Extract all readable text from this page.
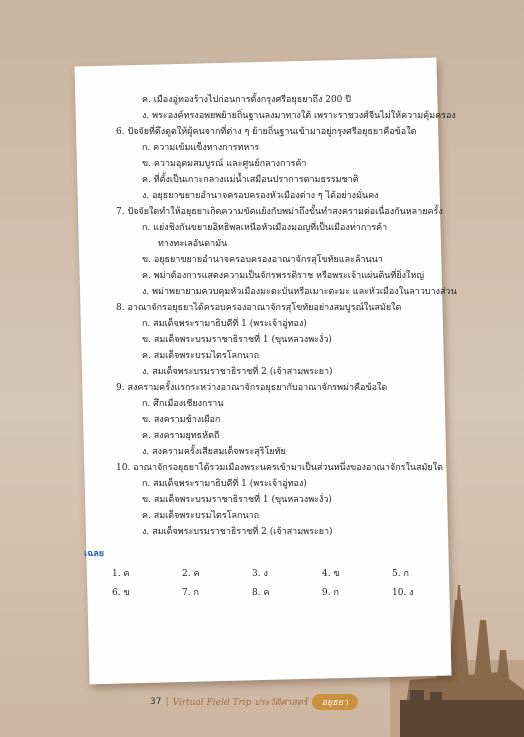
ค. เมืองอู่ทองร้างไปก่อนการตั้งกรุงศรีอยุธยาถึง 200 ปี
ง. พระองค์ทรงอพยพย้ายถิ่นฐานลงมาทางใต้ เพราะราชวงศ์จีนไม่ให้ความคุ้มครอง
6. ปัจจัยที่ดึงดูดให้ผู้คนจากที่ต่าง ๆ ย้ายถิ่นฐานเข้ามาอยู่กรุงศรีอยุธยาคือข้อใด
ก. ความเข้มแข็งทางการทหาร
ข. ความอุดมสมบูรณ์ และศูนย์กลางการค้า
ค. ที่ตั้งเป็นเกาะกลางแม่น้ำเสมือนปราการตามธรรมชาติ
ง. อยุธยาขยายอำนาจครอบครองหัวเมืองต่าง ๆ ได้อย่างมั่นคง
7. ปัจจัยใดทำให้อยุธยาเกิดความขัดแย้งกับพม่าถึงขั้นทำสงครามต่อเนื่องกันหลายครั้ง
ก. แย่งชิงกันขยายอิทธิพลเหนือหัวเมืองมอญที่เป็นเมืองท่าการค้า
ทางทะเลอันดามัน
ข. อยุธยาขยายอำนาจครอบครองอาณาจักรสุโขทัยและล้านนา
ค. พม่าต้องการแสดงความเป็นจักรพรรดิราช หรือพระเจ้าแผ่นดินที่ยิ่งใหญ่
ง. พม่าพยายามควบคุมหัวเมืองมะตะบันหรือเมาะตะมะ และหัวเมืองในลาวบางส่วน
8. อาณาจักรอยุธยาได้ครอบครองอาณาจักรสุโขทัยอย่างสมบูรณ์ในสมัยใด
ก. สมเด็จพระรามาธิบดีที่ 1 (พระเจ้าอู่ทอง)
ข. สมเด็จพระบรมราชาธิราชที่ 1 (ขุนหลวงพะงั่ว)
ค. สมเด็จพระบรมไตรโลกนาถ
ง. สมเด็จพระบรมราชาธิราชที่ 2 (เจ้าสามพระยา)
9. สงครามครั้งแรกระหว่างอาณาจักรอยุธยากับอาณาจักรพม่าคือข้อใด
ก. ศึกเมืองเชียงกราน
ข. สงครามช้างเผือก
ค. สงครามยุทธหัตถี
ง. สงครามครั้งเสียสมเด็จพระสุริโยทัย
10. อาณาจักรอยุธยาได้รวมเมืองพระนครเข้ามาเป็นส่วนหนึ่งของอาณาจักรในสมัยใด
ก. สมเด็จพระรามาธิบดีที่ 1 (พระเจ้าอู่ทอง)
ข. สมเด็จพระบรมราชาธิราชที่ 1 (ขุนหลวงพะงั่ว)
ค. สมเด็จพระบรมไตรโลกนาถ
ง. สมเด็จพระบรมราชาธิราชที่ 2 (เจ้าสามพระยา)
เฉลย
1. ค	2. ค	3. ง	4. ข	5. ก
6. ข	7. ก	8. ค	9. ก	10. ง
37 | Virtual Field Trip ประวัติศาสตร์	อยุธยา
